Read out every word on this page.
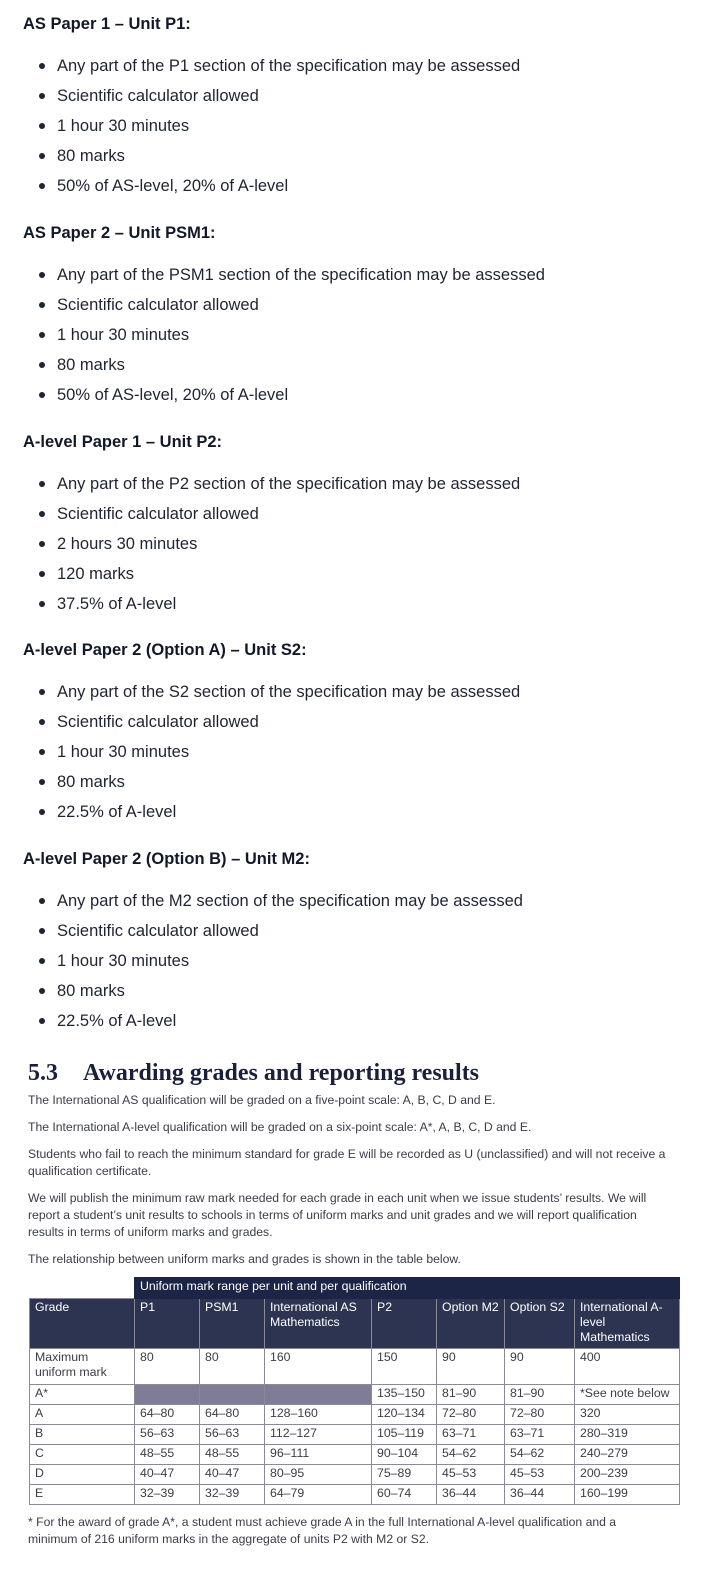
AS Paper 1 – Unit P1:
Any part of the P1 section of the specification may be assessed
Scientific calculator allowed
1 hour 30 minutes
80 marks
50% of AS-level, 20% of A-level
AS Paper 2 – Unit PSM1:
Any part of the PSM1 section of the specification may be assessed
Scientific calculator allowed
1 hour 30 minutes
80 marks
50% of AS-level, 20% of A-level
A-level Paper 1 – Unit P2:
Any part of the P2 section of the specification may be assessed
Scientific calculator allowed
2 hours 30 minutes
120 marks
37.5% of A-level
A-level Paper 2 (Option A) – Unit S2:
Any part of the S2 section of the specification may be assessed
Scientific calculator allowed
1 hour 30 minutes
80 marks
22.5% of A-level
A-level Paper 2 (Option B) – Unit M2:
Any part of the M2 section of the specification may be assessed
Scientific calculator allowed
1 hour 30 minutes
80 marks
22.5% of A-level
5.3 Awarding grades and reporting results

The International AS qualification will be graded on a five-point scale: A, B, C, D and E.

The International A-level qualification will be graded on a six-point scale: A*, A, B, C, D and E.

Students who fail to reach the minimum standard for grade E will be recorded as U (unclassified) and will not receive a qualification certificate.

We will publish the minimum raw mark needed for each grade in each unit when we issue students’ results. We will report a student’s unit results to schools in terms of uniform marks and unit grades and we will report qualification results in terms of uniform marks and grades.

The relationship between uniform marks and grades is shown in the table below.

	Uniform mark range per unit and per qualification						
Grade	P1	PSM1	International AS Mathematics	P2	Option M2	Option S2	International A-level Mathematics
Maximum uniform mark	80	80	160	150	90	90	400
A*				135–150	81–90	81–90	*See note below
A	64–80	64–80	128–160	120–134	72–80	72–80	320
B	56–63	56–63	112–127	105–119	63–71	63–71	280–319
C	48–55	48–55	96–111	90–104	54–62	54–62	240–279
D	40–47	40–47	80–95	75–89	45–53	45–53	200–239
E	32–39	32–39	64–79	60–74	36–44	36–44	160–199

* For the award of grade A*, a student must achieve grade A in the full International A-level qualification and a minimum of 216 uniform marks in the aggregate of units P2 with M2 or S2.
